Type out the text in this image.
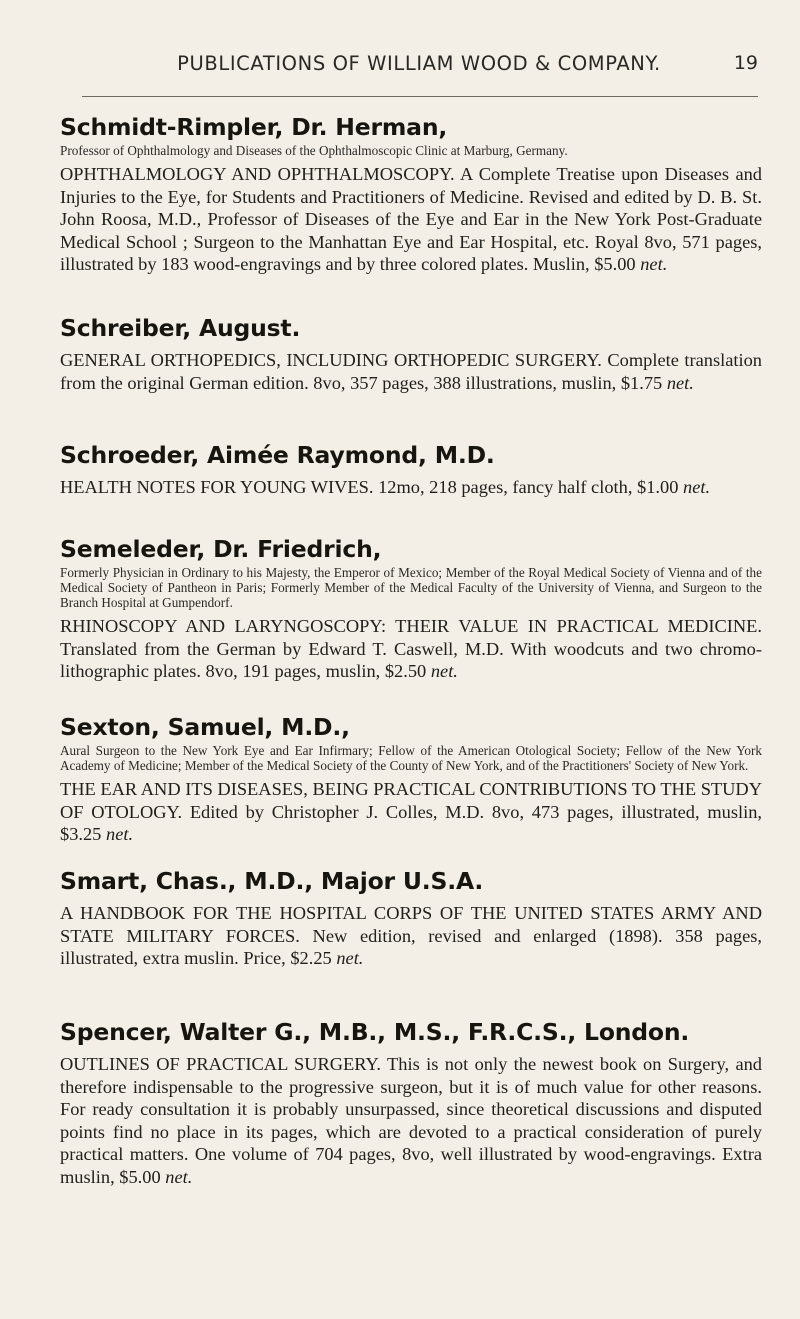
PUBLICATIONS OF WILLIAM WOOD & COMPANY.	19

Schmidt-Rimpler, Dr. Herman,

Professor of Ophthalmology and Diseases of the Ophthalmoscopic Clinic at Marburg, Germany.

OPHTHALMOLOGY AND OPHTHALMOSCOPY. A Complete Treatise upon Diseases and Injuries to the Eye, for Students and Practitioners of Medicine. Revised and edited by D. B. St. John Roosa, M.D., Professor of Diseases of the Eye and Ear in the New York Post-Graduate Medical School ; Surgeon to the Manhattan Eye and Ear Hospital, etc. Royal 8vo, 571 pages, illustrated by 183 wood-engravings and by three colored plates. Muslin, $5.00 net.

Schreiber, August.

GENERAL ORTHOPEDICS, INCLUDING ORTHOPEDIC SURGERY. Complete translation from the original German edition. 8vo, 357 pages, 388 illustrations, muslin, $1.75 net.

Schroeder, Aimée Raymond, M.D.

HEALTH NOTES FOR YOUNG WIVES. 12mo, 218 pages, fancy half cloth, $1.00 net.

Semeleder, Dr. Friedrich,

Formerly Physician in Ordinary to his Majesty, the Emperor of Mexico; Member of the Royal Medical Society of Vienna and of the Medical Society of Pantheon in Paris; Formerly Member of the Medical Faculty of the University of Vienna, and Surgeon to the Branch Hospital at Gumpendorf.

RHINOSCOPY AND LARYNGOSCOPY: THEIR VALUE IN PRACTICAL MEDICINE. Translated from the German by Edward T. Caswell, M.D. With woodcuts and two chromo-lithographic plates. 8vo, 191 pages, muslin, $2.50 net.

Sexton, Samuel, M.D.,

Aural Surgeon to the New York Eye and Ear Infirmary; Fellow of the American Otological Society; Fellow of the New York Academy of Medicine; Member of the Medical Society of the County of New York, and of the Practitioners' Society of New York.

THE EAR AND ITS DISEASES, BEING PRACTICAL CONTRIBUTIONS TO THE STUDY OF OTOLOGY. Edited by Christopher J. Colles, M.D. 8vo, 473 pages, illustrated, muslin, $3.25 net.

Smart, Chas., M.D., Major U.S.A.

A HANDBOOK FOR THE HOSPITAL CORPS OF THE UNITED STATES ARMY AND STATE MILITARY FORCES. New edition, revised and enlarged (1898). 358 pages, illustrated, extra muslin. Price, $2.25 net.

Spencer, Walter G., M.B., M.S., F.R.C.S., London.

OUTLINES OF PRACTICAL SURGERY. This is not only the newest book on Surgery, and therefore indispensable to the progressive surgeon, but it is of much value for other reasons. For ready consultation it is probably unsurpassed, since theoretical discussions and disputed points find no place in its pages, which are devoted to a practical consideration of purely practical matters. One volume of 704 pages, 8vo, well illustrated by wood-engravings. Extra muslin, $5.00 net.
